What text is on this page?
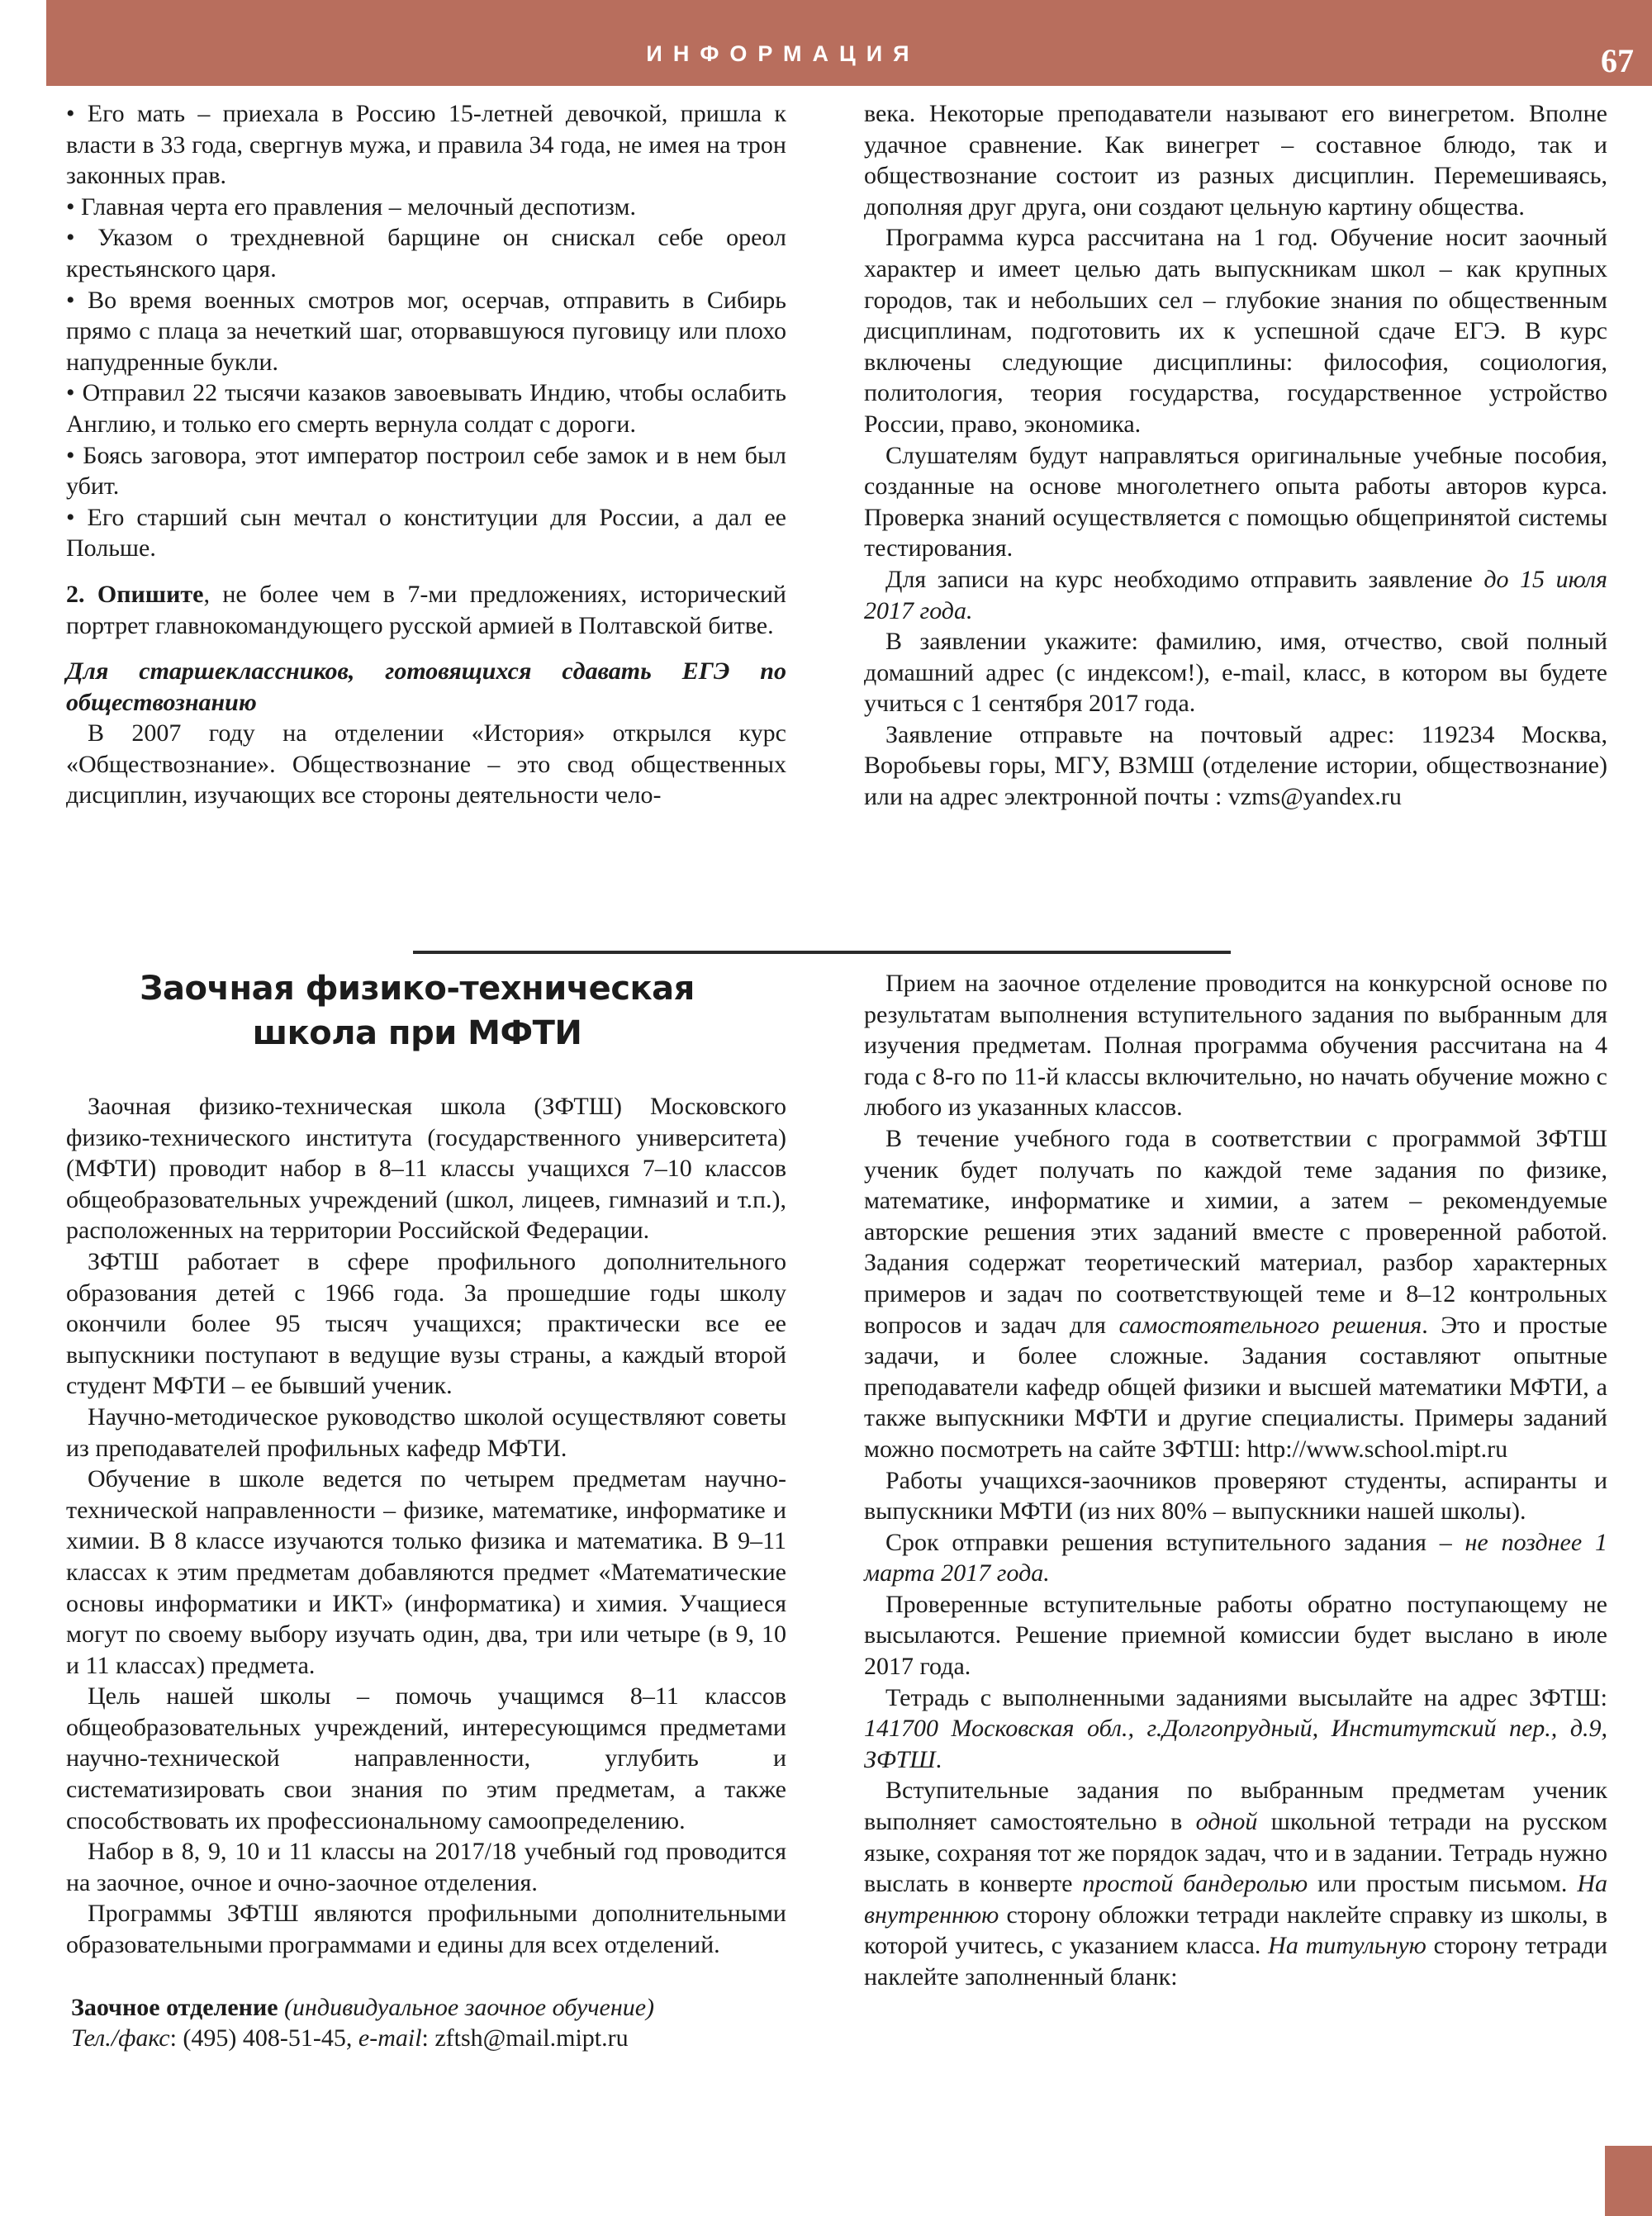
ИНФОРМАЦИЯ	67

• Его мать – приехала в Россию 15-летней девочкой, пришла к власти в 33 года, свергнув мужа, и правила 34 года, не имея на трон законных прав.

• Главная черта его правления – мелочный деспотизм.

• Указом о трехдневной барщине он снискал себе ореол крестьянского царя.

• Во время военных смотров мог, осерчав, отправить в Сибирь прямо с плаца за нечеткий шаг, оторвавшуюся пуговицу или плохо напудренные букли.

• Отправил 22 тысячи казаков завоевывать Индию, чтобы ослабить Англию, и только его смерть вернула солдат с дороги.

• Боясь заговора, этот император построил себе замок и в нем был убит.

• Его старший сын мечтал о конституции для России, а дал ее Польше.

2. Опишите, не более чем в 7-ми предложениях, исторический портрет главнокомандующего русской армией в Полтавской битве.

Для старшеклассников, готовящихся сдавать ЕГЭ по обществознанию

В 2007 году на отделении «История» открылся курс «Обществознание». Обществознание – это свод общественных дисциплин, изучающих все стороны деятельности чело-

века. Некоторые преподаватели называют его винегретом. Вполне удачное сравнение. Как винегрет – составное блюдо, так и обществознание состоит из разных дисциплин. Перемешиваясь, дополняя друг друга, они создают цельную картину общества.

Программа курса рассчитана на 1 год. Обучение носит заочный характер и имеет целью дать выпускникам школ – как крупных городов, так и небольших сел – глубокие знания по общественным дисциплинам, подготовить их к успешной сдаче ЕГЭ. В курс включены следующие дисциплины: философия, социология, политология, теория государства, государственное устройство России, право, экономика.

Слушателям будут направляться оригинальные учебные пособия, созданные на основе многолетнего опыта работы авторов курса. Проверка знаний осуществляется с помощью общепринятой системы тестирования.

Для записи на курс необходимо отправить заявление до 15 июля 2017 года.

В заявлении укажите: фамилию, имя, отчество, свой полный домашний адрес (с индексом!), e-mail, класс, в котором вы будете учиться с 1 сентября 2017 года.

Заявление отправьте на почтовый адрес: 119234 Москва, Воробьевы горы, МГУ, ВЗМШ (отделение истории, обществознание) или на адрес электронной почты : vzms@yandex.ru

Заочная физико-техническая школа при МФТИ

Заочная физико-техническая школа (ЗФТШ) Московского физико-технического института (государственного университета) (МФТИ) проводит набор в 8–11 классы учащихся 7–10 классов общеобразовательных учреждений (школ, лицеев, гимназий и т.п.), расположенных на территории Российской Федерации.

ЗФТШ работает в сфере профильного дополнительного образования детей с 1966 года. За прошедшие годы школу окончили более 95 тысяч учащихся; практически все ее выпускники поступают в ведущие вузы страны, а каждый второй студент МФТИ – ее бывший ученик.

Научно-методическое руководство школой осуществляют советы из преподавателей профильных кафедр МФТИ.

Обучение в школе ведется по четырем предметам научно-технической направленности – физике, математике, информатике и химии. В 8 классе изучаются только физика и математика. В 9–11 классах к этим предметам добавляются предмет «Математические основы информатики и ИКТ» (информатика) и химия. Учащиеся могут по своему выбору изучать один, два, три или четыре (в 9, 10 и 11 классах) предмета.

Цель нашей школы – помочь учащимся 8–11 классов общеобразовательных учреждений, интересующимся предметами научно-технической направленности, углубить и систематизировать свои знания по этим предметам, а также способствовать их профессиональному самоопределению.

Набор в 8, 9, 10 и 11 классы на 2017/18 учебный год проводится на заочное, очное и очно-заочное отделения.

Программы ЗФТШ являются профильными дополнительными образовательными программами и едины для всех отделений.

Заочное отделение (индивидуальное заочное обучение)

Тел./факс: (495) 408-51-45, e-mail: zftsh@mail.mipt.ru

Прием на заочное отделение проводится на конкурсной основе по результатам выполнения вступительного задания по выбранным для изучения предметам. Полная программа обучения рассчитана на 4 года с 8-го по 11-й классы включительно, но начать обучение можно с любого из указанных классов.

В течение учебного года в соответствии с программой ЗФТШ ученик будет получать по каждой теме задания по физике, математике, информатике и химии, а затем – рекомендуемые авторские решения этих заданий вместе с проверенной работой. Задания содержат теоретический материал, разбор характерных примеров и задач по соответствующей теме и 8–12 контрольных вопросов и задач для самостоятельного решения. Это и простые задачи, и более сложные. Задания составляют опытные преподаватели кафедр общей физики и высшей математики МФТИ, а также выпускники МФТИ и другие специалисты. Примеры заданий можно посмотреть на сайте ЗФТШ: http://www.school.mipt.ru

Работы учащихся-заочников проверяют студенты, аспиранты и выпускники МФТИ (из них 80% – выпускники нашей школы).

Срок отправки решения вступительного задания – не позднее 1 марта 2017 года.

Проверенные вступительные работы обратно поступающему не высылаются. Решение приемной комиссии будет выслано в июле 2017 года.

Тетрадь с выполненными заданиями высылайте на адрес ЗФТШ: 141700 Московская обл., г.Долгопрудный, Институтский пер., д.9, ЗФТШ.

Вступительные задания по выбранным предметам ученик выполняет самостоятельно в одной школьной тетради на русском языке, сохраняя тот же порядок задач, что и в задании. Тетрадь нужно выслать в конверте простой бандеролью или простым письмом. На внутреннюю сторону обложки тетради наклейте справку из школы, в которой учитесь, с указанием класса. На титульную сторону тетради наклейте заполненный бланк:
